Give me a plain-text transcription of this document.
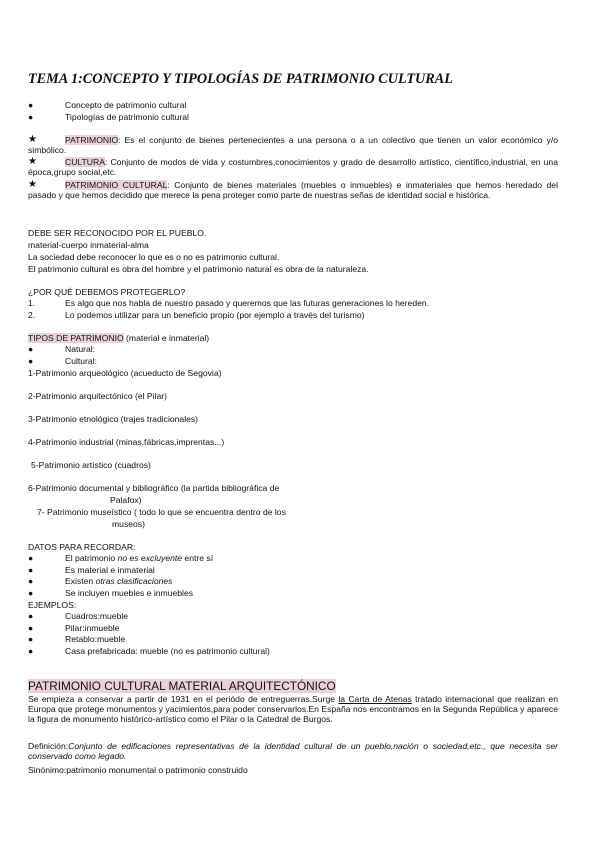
TEMA 1:CONCEPTO Y TIPOLOGÍAS DE PATRIMONIO CULTURAL
●	Concepto de patrimonio cultural
●	Tipologías de patrimonio cultural
★	PATRIMONIO: Es el conjunto de bienes pertenecientes a una persona o a un colectivo que tienen un valor económico y/o simbólico.
★	CULTURA: Conjunto de modos de vida y costumbres,conocimientos y grado de desarrollo artístico, científico,industrial, en una época,grupo social,etc.
★	PATRIMONIO CULTURAL: Conjunto de bienes materiales (muebles o inmuebles) e inmateriales que hemos heredado del pasado y que hemos decidido que merece la pena proteger como parte de nuestras señas de identidad social e histórica.
DEBE SER RECONOCIDO POR EL PUEBLO.
material-cuerpo inmaterial-alma
La sociedad debe reconocer lo que es o no es patrimonio cultural.
El patrimonio cultural es obra del hombre y el patrimonio natural es obra de la naturaleza.
¿POR QUÉ DEBEMOS PROTEGERLO?
1.	Es algo que nos habla de nuestro pasado y queremos que las futuras generaciones lo hereden.
2.	Lo podemos utilizar para un beneficio propio (por ejemplo a través del turismo)
TIPOS DE PATRIMONIO (material e inmaterial)
●	Natural:
●	Cultural:
1-Patrimonio arqueológico (acueducto de Segovia)
2-Patrimonio arquitectónico (el Pilar)
3-Patrimonio etnológico (trajes tradicionales)
4-Patrimonio industrial (minas,fábricas,imprentas...)
5-Patrimonio artístico (cuadros)
6-Patrimonio documental y bibliográfico (la partida bibliográfica de
Palafox)
7- Patrimonio museístico ( todo lo que se encuentra dentro de los
museos)
DATOS PARA RECORDAR:
●	El patrimonio no es excluyente entre sí
●	Es material e inmaterial
●	Existen otras clasificaciones
●	Se incluyen muebles e inmuebles
EJEMPLOS:
●	Cuadros:mueble
●	Pilar:inmueble
●	Retablo:mueble
●	Casa prefabricada: mueble (no es patrimonio cultural)
PATRIMONIO CULTURAL MATERIAL ARQUITECTÓNICO
Se empieza a conservar a partir de 1931 en el periódo de entreguerras.Surge la Carta de Atenas tratado internacional que realizan en Europa que protege monumentos y yacimientos,para poder conservarlos.En España nos encontramos en la Segunda República y aparece la figura de monumento histórico-artístico como el Pilar o la Catedral de Burgos.
Definición:Conjunto de edificaciones representativas de la identidad cultural de un pueblo,nación o sociedad,etc., que necesita ser conservado como legado.
Sinónimo:patrimonio monumental o patrimonio construido
